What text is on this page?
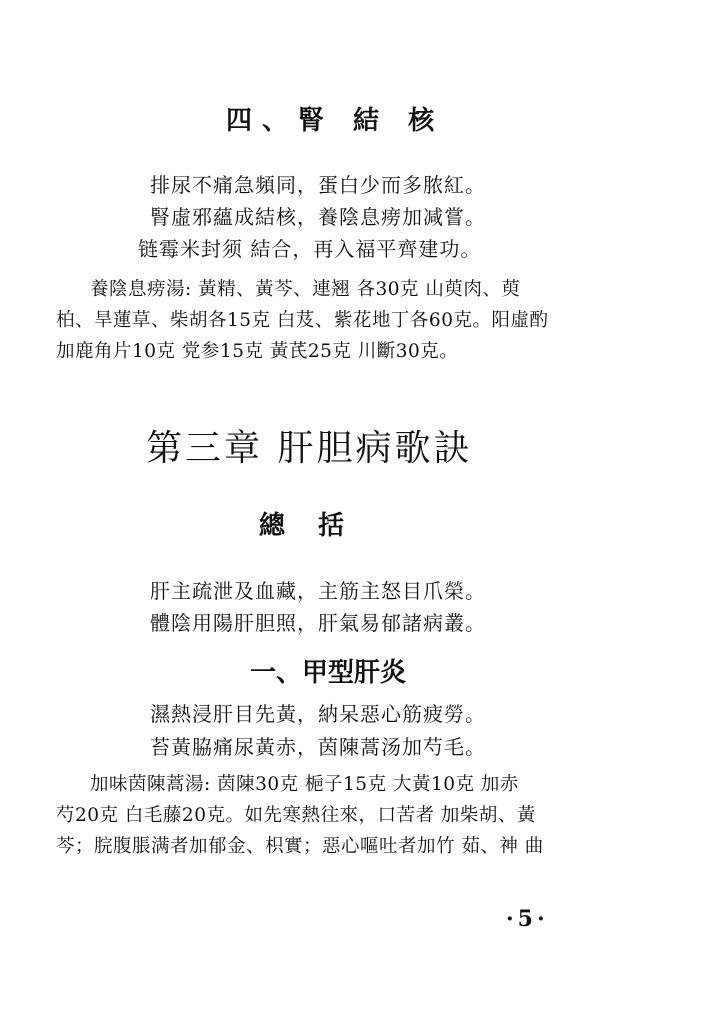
四、腎 結 核
排尿不痛急頻同，蛋白少而多脓紅。
腎虛邪蘊成結核，養陰息痨加减嘗。
链霉米封须 結合，再入福平齊建功。
養陰息痨湯: 黃精、黃芩、連翘 各30克 山萸肉、萸
柏、旱蓮草、柴胡各15克 白芨、紫花地丁各60克。阳虛酌
加鹿角片10克 党参15克 黃芪25克 川斷30克。
第三章 肝胆病歌訣
總 括
肝主疏泄及血藏，主筋主怒目爪榮。
體陰用陽肝胆照，肝氣易郁諸病叢。
一、甲型肝炎
濕熱浸肝目先黃，納呆惡心筋疲勞。
苔黃脇痛尿黃赤，茵陳蒿汤加芍毛。
加味茵陳蒿湯: 茵陳30克 梔子15克 大黃10克 加赤
芍20克 白毛藤20克。如先寒熱往來，口苦者 加柴胡、黃
芩；脘腹脹满者加郁金、枳實；惡心嘔吐者加竹 茹、神 曲
·5·
